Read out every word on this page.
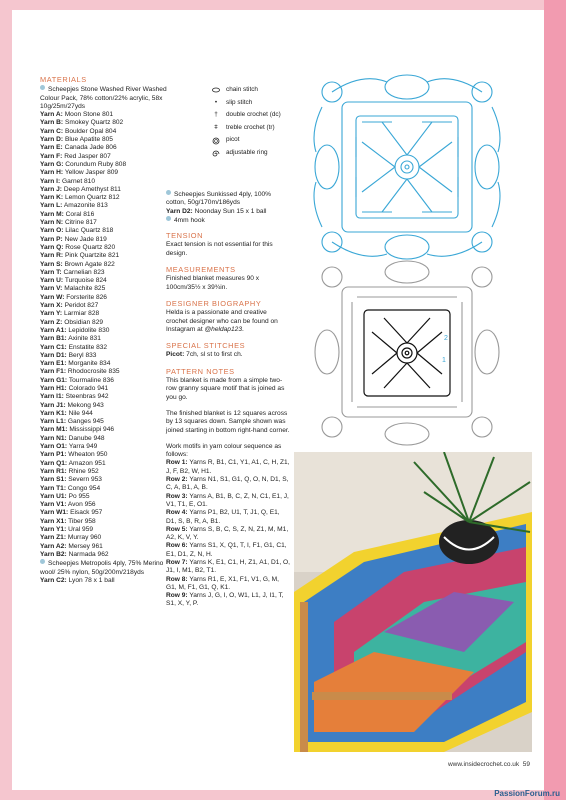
MATERIALS
Scheepjes Stone Washed River Washed Colour Pack, 78% cotton/22% acrylic, 58x 10g/25m/27yds
Yarn A: Moon Stone 801
Yarn B: Smokey Quartz 802
Yarn C: Boulder Opal 804
Yarn D: Blue Apatite 805
Yarn E: Canada Jade 806
Yarn F: Red Jasper 807
Yarn G: Corundum Ruby 808
Yarn H: Yellow Jasper 809
Yarn I: Garnet 810
Yarn J: Deep Amethyst 811
Yarn K: Lemon Quartz 812
Yarn L: Amazonite 813
Yarn M: Coral 816
Yarn N: Citrine 817
Yarn O: Lilac Quartz 818
Yarn P: New Jade 819
Yarn Q: Rose Quartz 820
Yarn R: Pink Quartzite 821
Yarn S: Brown Agate 822
Yarn T: Carnelian 823
Yarn U: Turquoise 824
Yarn V: Malachite 825
Yarn W: Forsterite 826
Yarn X: Peridot 827
Yarn Y: Larmiar 828
Yarn Z: Obsidian 829
Yarn A1: Lepidolite 830
Yarn B1: Axinite 831
Yarn C1: Enstatite 832
Yarn D1: Beryl 833
Yarn E1: Morganite 834
Yarn F1: Rhodocrosite 835
Yarn G1: Tourmaline 836
Yarn H1: Colorado 941
Yarn I1: Steenbras 942
Yarn J1: Mekong 943
Yarn K1: Nile 944
Yarn L1: Ganges 945
Yarn M1: Mississippi 946
Yarn N1: Danube 948
Yarn O1: Yarra 949
Yarn P1: Wheaton 950
Yarn Q1: Amazon 951
Yarn R1: Rhine 952
Yarn S1: Severn 953
Yarn T1: Congo 954
Yarn U1: Po 955
Yarn V1: Avon 956
Yarn W1: Eisack 957
Yarn X1: Tiber 958
Yarn Y1: Ural 959
Yarn Z1: Murray 960
Yarn A2: Mersey 961
Yarn B2: Narmada 962
Scheepjes Metropolis 4ply, 75% Merino wool/ 25% nylon, 50g/200m/218yds
Yarn C2: Lyon 78 x 1 ball
Scheepjes Sunkissed 4ply, 100% cotton, 50g/170m/186yds
Yarn D2: Noonday Sun 15 x 1 ball
4mm hook
TENSION
Exact tension is not essential for this design.
MEASUREMENTS
Finished blanket measures 90 x 100cm/35½ x 39¾in.
DESIGNER BIOGRAPHY
Helda is a passionate and creative crochet designer who can be found on Instagram at @heldap123.
SPECIAL STITCHES
Picot: 7ch, sl st to first ch.
PATTERN NOTES
This blanket is made from a simple two-row granny square motif that is joined as you go.
The finished blanket is 12 squares across by 13 squares down. Sample shown was joined starting in bottom right-hand corner.
Work motifs in yarn colour sequence as follows:
Row 1: Yarns R, B1, C1, Y1, A1, C, H, Z1, J, F, B2, W, H1.
Row 2: Yarns N1, S1, G1, Q, O, N, D1, S, C, A, B1, A, B.
Row 3: Yarns A, B1, B, C, Z, N, C1, E1, J, V1, T1, E, O1.
Row 4: Yarns P1, B2, U1, T, J1, Q, E1, D1, S, B, R, A, B1.
Row 5: Yarns S, B, C, S, Z, N, Z1, M, M1, A2, K, V, Y.
Row 6: Yarns S1, X, Q1, T, I, F1, G1, C1, E1, D1, Z, N, H.
Row 7: Yarns K, E1, C1, H, Z1, A1, D1, O, J1, I, M1, B2, T1.
Row 8: Yarns R1, E, X1, F1, V1, G, M, G1, M, F1, G1, Q, K1.
Row 9: Yarns J, G, I, O, W1, L1, J, I1, T, S1, X, Y, P.
chain stitch
•	slip stitch
†	double crochet (dc)
ǂ	treble crochet (tr)
picot
adjustable ring
2
1
www.insidecrochet.co.uk 59
PassionForum.ru
